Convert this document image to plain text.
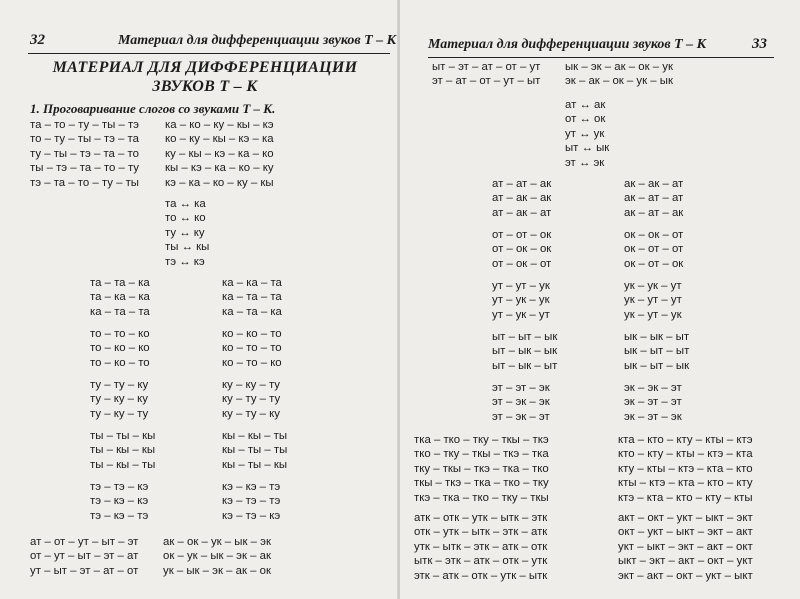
32	Материал для дифференциации звуков Т – К
МАТЕРИАЛ ДЛЯ ДИФФЕРЕНЦИАЦИИ
ЗВУКОВ Т – К
1. Проговаривание слогов со звуками Т – К.
та – то – ту – ты – тэ
то – ту – ты – тэ – та
ту – ты – тэ – та – то
ты – тэ – та – то – ту
тэ – та – то – ту – ты
ка – ко – ку – кы – кэ
ко – ку – кы – кэ – ка
ку – кы – кэ – ка – ко
кы – кэ – ка – ко – ку
кэ – ка – ко – ку – кы
та ↔ ка
то ↔ ко
ту ↔ ку
ты ↔ кы
тэ ↔ кэ
та – та – ка
та – ка – ка
ка – та – та
ка – ка – та
ка – та – та
ка – та – ка
то – то – ко
то – ко – ко
то – ко – то
ко – ко – то
ко – то – то
ко – то – ко
ту – ту – ку
ту – ку – ку
ту – ку – ту
ку – ку – ту
ку – ту – ту
ку – ту – ку
ты – ты – кы
ты – кы – кы
ты – кы – ты
кы – кы – ты
кы – ты – ты
кы – ты – кы
тэ – тэ – кэ
тэ – кэ – кэ
тэ – кэ – тэ
кэ – кэ – тэ
кэ – тэ – тэ
кэ – тэ – кэ
ат – от – ут – ыт – эт
от – ут – ыт – эт – ат
ут – ыт – эт – ат – от
ак – ок – ук – ык – эк
ок – ук – ык – эк – ак
ук – ык – эк – ак – ок
Материал для дифференциации звуков Т – К	33
ыт – эт – ат – от – ут
эт – ат – от – ут – ыт
ык – эк – ак – ок – ук
эк – ак – ок – ук – ык
ат ↔ ак
от ↔ ок
ут ↔ ук
ыт ↔ ык
эт ↔ эк
ат – ат – ак
ат – ак – ак
ат – ак – ат
ак – ак – ат
ак – ат – ат
ак – ат – ак
от – от – ок
от – ок – ок
от – ок – от
ок – ок – от
ок – от – от
ок – от – ок
ут – ут – ук
ут – ук – ук
ут – ук – ут
ук – ук – ут
ук – ут – ут
ук – ут – ук
ыт – ыт – ык
ыт – ык – ык
ыт – ык – ыт
ык – ык – ыт
ык – ыт – ыт
ык – ыт – ык
эт – эт – эк
эт – эк – эк
эт – эк – эт
эк – эк – эт
эк – эт – эт
эк – эт – эк
тка – тко – тку – ткы – ткэ
тко – тку – ткы – ткэ – тка
тку – ткы – ткэ – тка – тко
ткы – ткэ – тка – тко – тку
ткэ – тка – тко – тку – ткы
кта – кто – кту – кты – ктэ
кто – кту – кты – ктэ – кта
кту – кты – ктэ – кта – кто
кты – ктэ – кта – кто – кту
ктэ – кта – кто – кту – кты
атк – отк – утк – ытк – этк
отк – утк – ытк – этк – атк
утк – ытк – этк – атк – отк
ытк – этк – атк – отк – утк
этк – атк – отк – утк – ытк
акт – окт – укт – ыкт – экт
окт – укт – ыкт – экт – акт
укт – ыкт – экт – акт – окт
ыкт – экт – акт – окт – укт
экт – акт – окт – укт – ыкт
